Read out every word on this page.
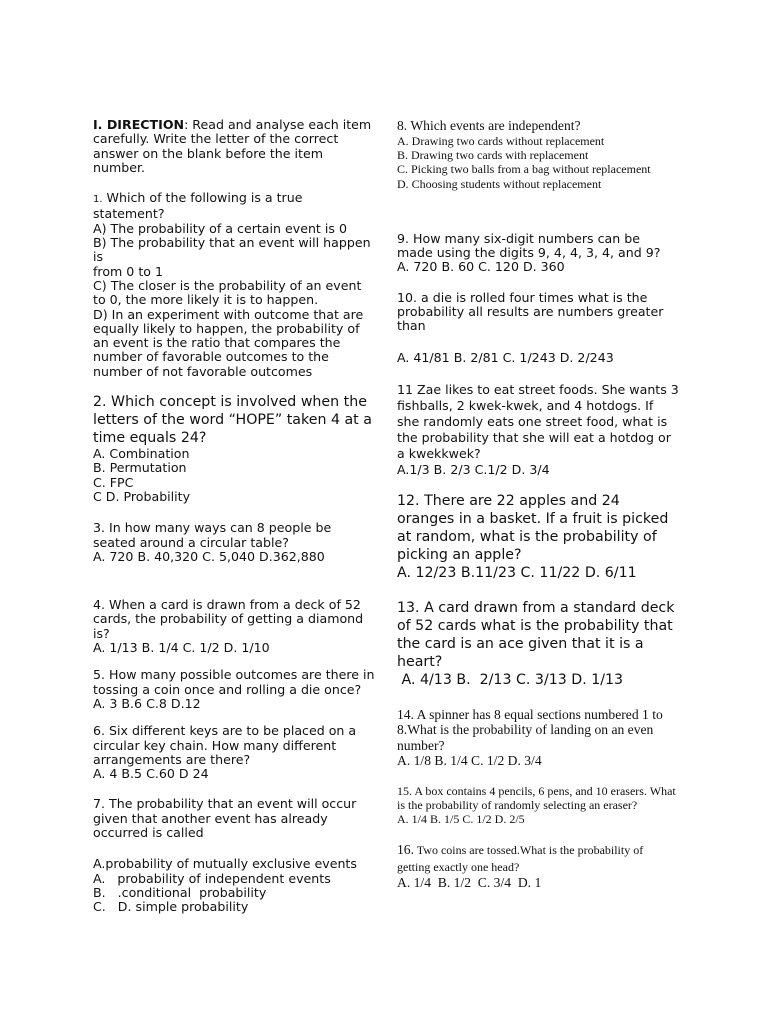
I. DIRECTION: Read and analyse each item carefully. Write the letter of the correct answer on the blank before the item number.

1. Which of the following is a true statement?

A) The probability of a certain event is 0

B) The probability that an event will happen is

from 0 to 1

C) The closer is the probability of an event to 0, the more likely it is to happen.

D) In an experiment with outcome that are equally likely to happen, the probability of an event is the ratio that compares the number of favorable outcomes to the number of not favorable outcomes

2. Which concept is involved when the letters of the word “HOPE” taken 4 at a time equals 24?

A. Combination

B. Permutation

C. FPC

C D. Probability

3. In how many ways can 8 people be seated around a circular table?

A. 720 B. 40,320 C. 5,040 D.362,880

4. When a card is drawn from a deck of 52 cards, the probability of getting a diamond is?

A. 1/13 B. 1/4 C. 1/2 D. 1/10

5. How many possible outcomes are there in tossing a coin once and rolling a die once?

A. 3 B.6 C.8 D.12

6. Six different keys are to be placed on a circular key chain. How many different arrangements are there?

A. 4 B.5 C.60 D 24

7. The probability that an event will occur given that another event has already occurred is called

A.probability of mutually exclusive events

A.   probability of independent events

B.   .conditional  probability

C.   D. simple probability

8. Which events are independent?

A. Drawing two cards without replacement

B. Drawing two cards with replacement

C. Picking two balls from a bag without replacement

D. Choosing students without replacement

9. How many six-digit numbers can be made using the digits 9, 4, 4, 3, 4, and 9?

A. 720 B. 60 C. 120 D. 360

10. a die is rolled four times what is the probability all results are numbers greater than

A. 41/81 B. 2/81 C. 1/243 D. 2/243

11 Zae likes to eat street foods. She wants 3 fishballs, 2 kwek-kwek, and 4 hotdogs. If she randomly eats one street food, what is the probability that she will eat a hotdog or a kwekkwek?

A.1/3 B. 2/3 C.1/2 D. 3/4

12. There are 22 apples and 24 oranges in a basket. If a fruit is picked at random, what is the probability of picking an apple?

A. 12/23 B.11/23 C. 11/22 D. 6/11

13. A card drawn from a standard deck of 52 cards what is the probability that the card is an ace given that it is a heart?

A. 4/13 B.  2/13 C. 3/13 D. 1/13

14. A spinner has 8 equal sections numbered 1 to 8.What is the probability of landing on an even number?

A. 1/8 B. 1/4 C. 1/2 D. 3/4

15. A box contains 4 pencils, 6 pens, and 10 erasers. What is the probability of randomly selecting an eraser?

A. 1/4 B. 1/5 C. 1/2 D. 2/5

16. Two coins are tossed.What is the probability of getting exactly one head?

A. 1/4  B. 1/2  C. 3/4  D. 1
